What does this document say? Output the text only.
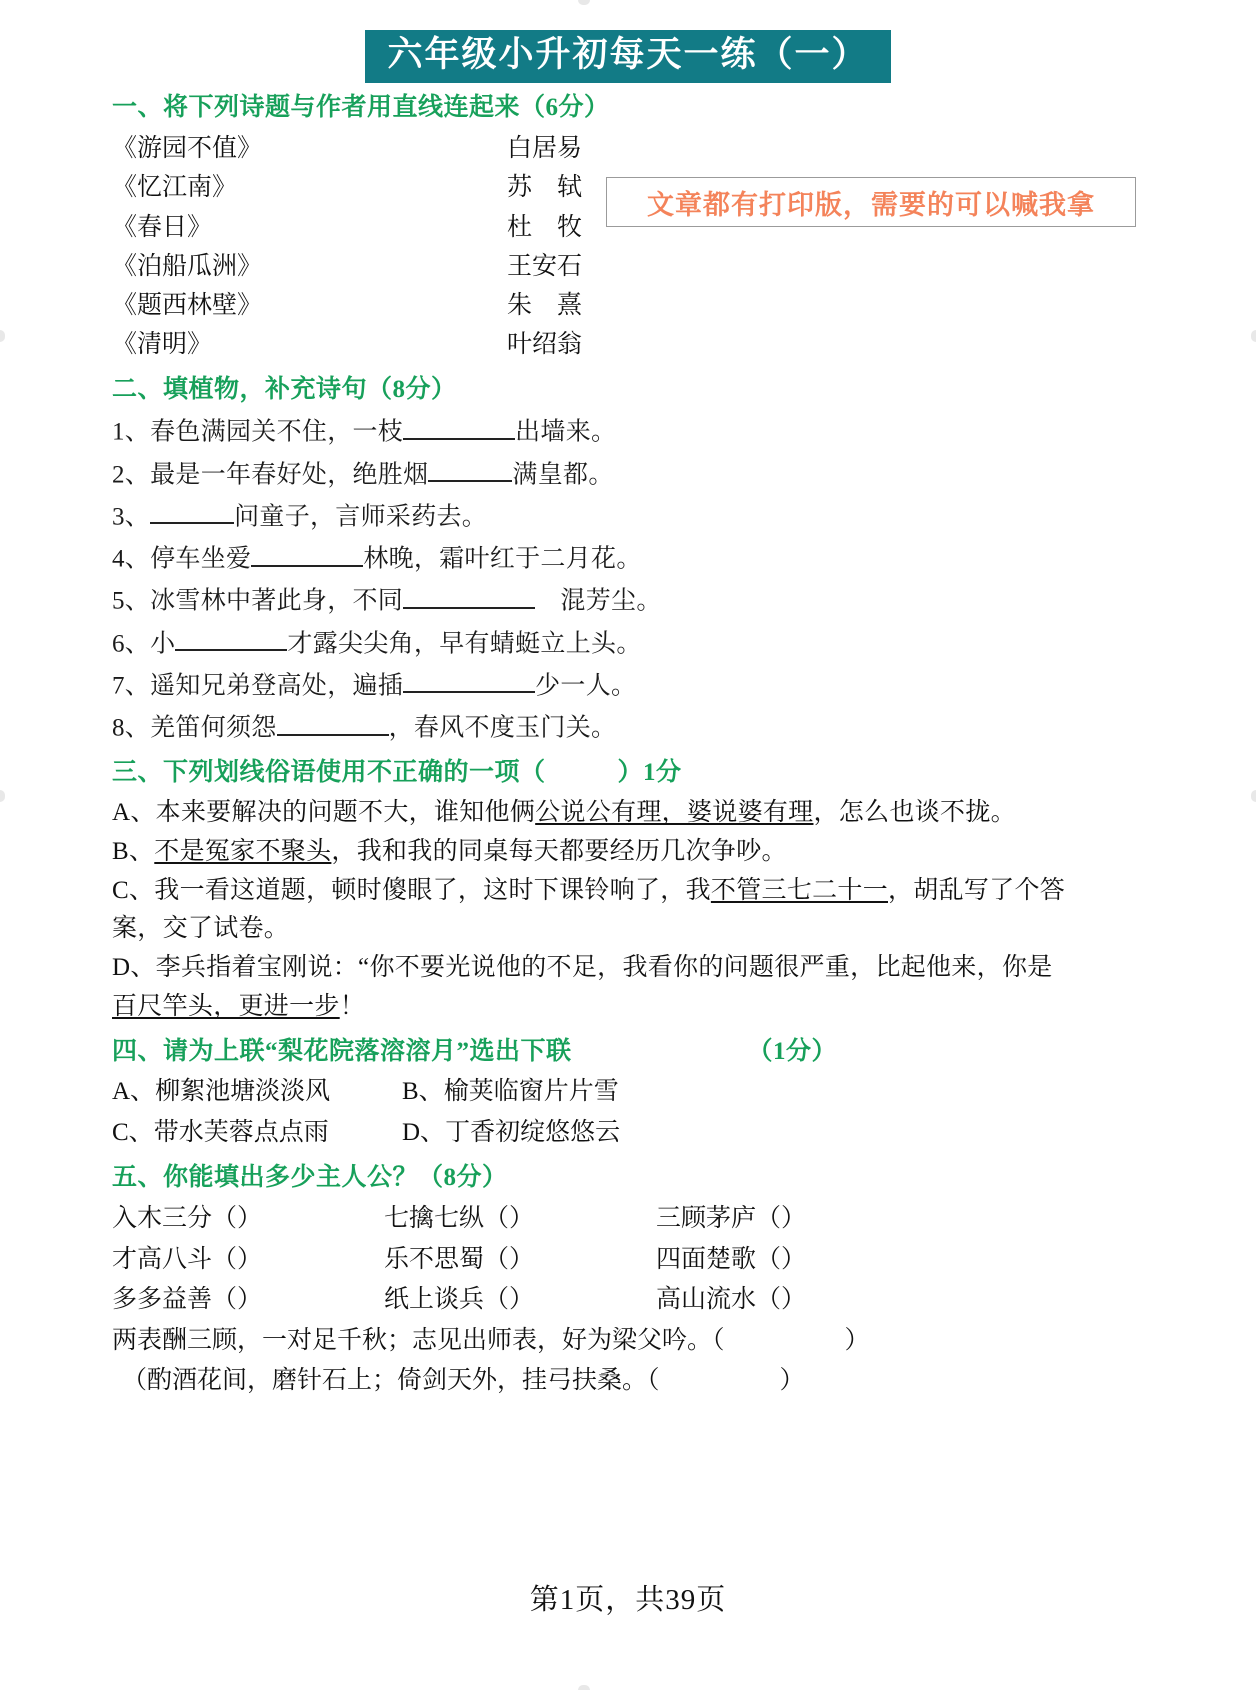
六年级小升初每天一练（一）
一、将下列诗题与作者用直线连起来（6分）
《游园不值》	白居易
《忆江南》	苏　轼
《春日》	杜　牧
《泊船瓜洲》	王安石
《题西林壁》	朱　熹
《清明》	叶绍翁
二、填植物，补充诗句（8分）
1、春色满园关不住，一枝	出墙来。
2、最是一年春好处，绝胜烟	满皇都。
3、	问童子，言师采药去。
4、停车坐爱	林晚，霜叶红于二月花。
5、冰雪林中著此身，不同	　混芳尘。
6、小	才露尖尖角，早有蜻蜓立上头。
7、遥知兄弟登高处，遍插	少一人。
8、羌笛何须怨	，春风不度玉门关。
三、下列划线俗语使用不正确的一项（	）1分
A、本来要解决的问题不大，谁知他俩公说公有理，婆说婆有理，怎么也谈不拢。
B、不是冤家不聚头，我和我的同桌每天都要经历几次争吵。
C、我一看这道题，顿时傻眼了，这时下课铃响了，我不管三七二十一，胡乱写了个答案，交了试卷。
D、李兵指着宝刚说：“你不要光说他的不足，我看你的问题很严重，比起他来，你是百尺竿头，更进一步！
四、请为上联“梨花院落溶溶月”选出下联	（1分）
A、柳絮池塘淡淡风	B、榆荚临窗片片雪
C、带水芙蓉点点雨	D、丁香初绽悠悠云
五、你能填出多少主人公？（8分）
入木三分（）	七擒七纵（）	三顾茅庐（）
才高八斗（）	乐不思蜀（）	四面楚歌（）
多多益善（）	纸上谈兵（）	高山流水（）
两表酬三顾，一对足千秋；志见出师表，好为梁父吟。（	）
（酌酒花间，磨针石上；倚剑天外，挂弓扶桑。（	）
文章都有打印版，需要的可以喊我拿
第1页，共39页
